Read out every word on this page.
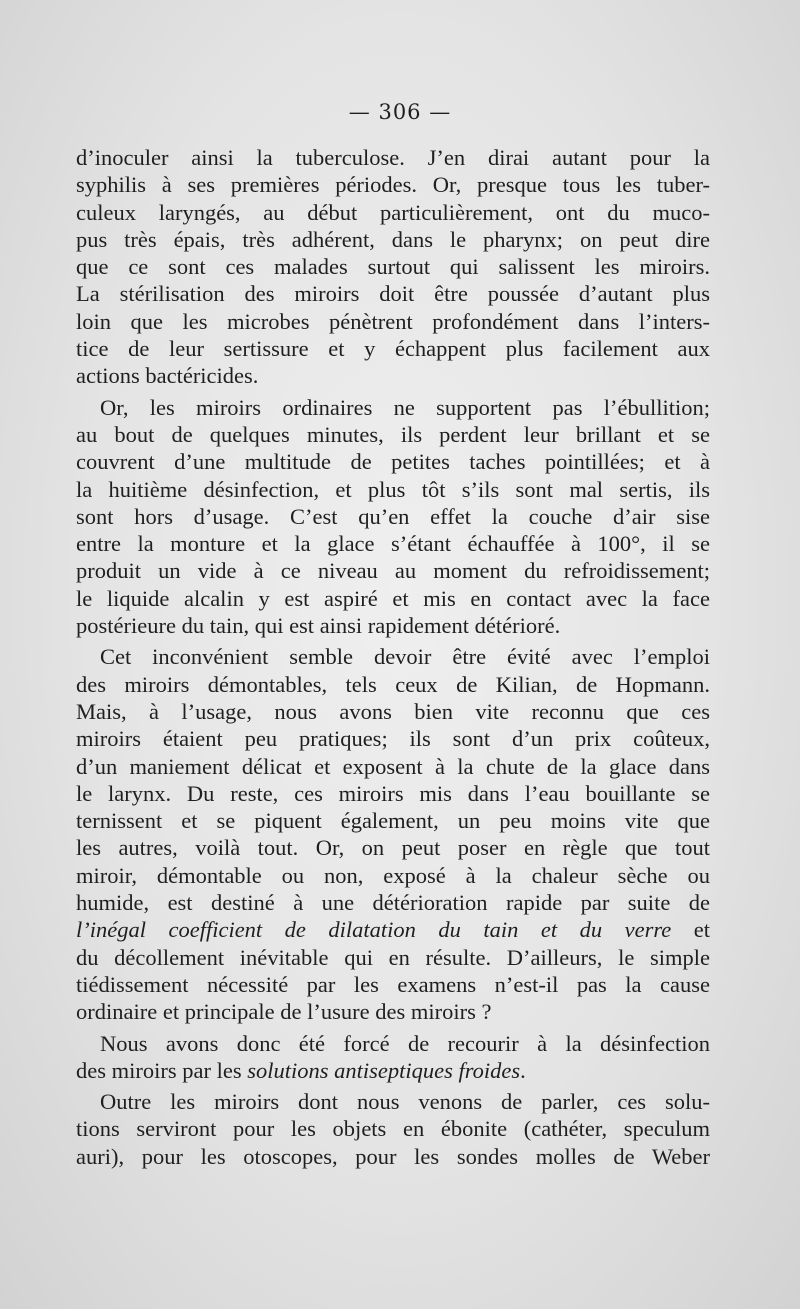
— 306 —
d’inoculer ainsi la tuberculose. J’en dirai autant pour la
syphilis à ses premières périodes. Or, presque tous les tuber-
culeux laryngés, au début particulièrement, ont du muco-
pus très épais, très adhérent, dans le pharynx; on peut dire
que ce sont ces malades surtout qui salissent les miroirs.
La stérilisation des miroirs doit être poussée d’autant plus
loin que les microbes pénètrent profondément dans l’inters-
tice de leur sertissure et y échappent plus facilement aux
actions bactéricides.
Or, les miroirs ordinaires ne supportent pas l’ébullition;
au bout de quelques minutes, ils perdent leur brillant et se
couvrent d’une multitude de petites taches pointillées; et à
la huitième désinfection, et plus tôt s’ils sont mal sertis, ils
sont hors d’usage. C’est qu’en effet la couche d’air sise
entre la monture et la glace s’étant échauffée à 100°, il se
produit un vide à ce niveau au moment du refroidissement;
le liquide alcalin y est aspiré et mis en contact avec la face
postérieure du tain, qui est ainsi rapidement détérioré.
Cet inconvénient semble devoir être évité avec l’emploi
des miroirs démontables, tels ceux de Kilian, de Hopmann.
Mais, à l’usage, nous avons bien vite reconnu que ces
miroirs étaient peu pratiques; ils sont d’un prix coûteux,
d’un maniement délicat et exposent à la chute de la glace dans
le larynx. Du reste, ces miroirs mis dans l’eau bouillante se
ternissent et se piquent également, un peu moins vite que
les autres, voilà tout. Or, on peut poser en règle que tout
miroir, démontable ou non, exposé à la chaleur sèche ou
humide, est destiné à une détérioration rapide par suite de
l’inégal coefficient de dilatation du tain et du verre et
du décollement inévitable qui en résulte. D’ailleurs, le simple
tiédissement nécessité par les examens n’est-il pas la cause
ordinaire et principale de l’usure des miroirs ?
Nous avons donc été forcé de recourir à la désinfection
des miroirs par les solutions antiseptiques froides.
Outre les miroirs dont nous venons de parler, ces solu-
tions serviront pour les objets en ébonite (cathéter, speculum
auri), pour les otoscopes, pour les sondes molles de Weber
